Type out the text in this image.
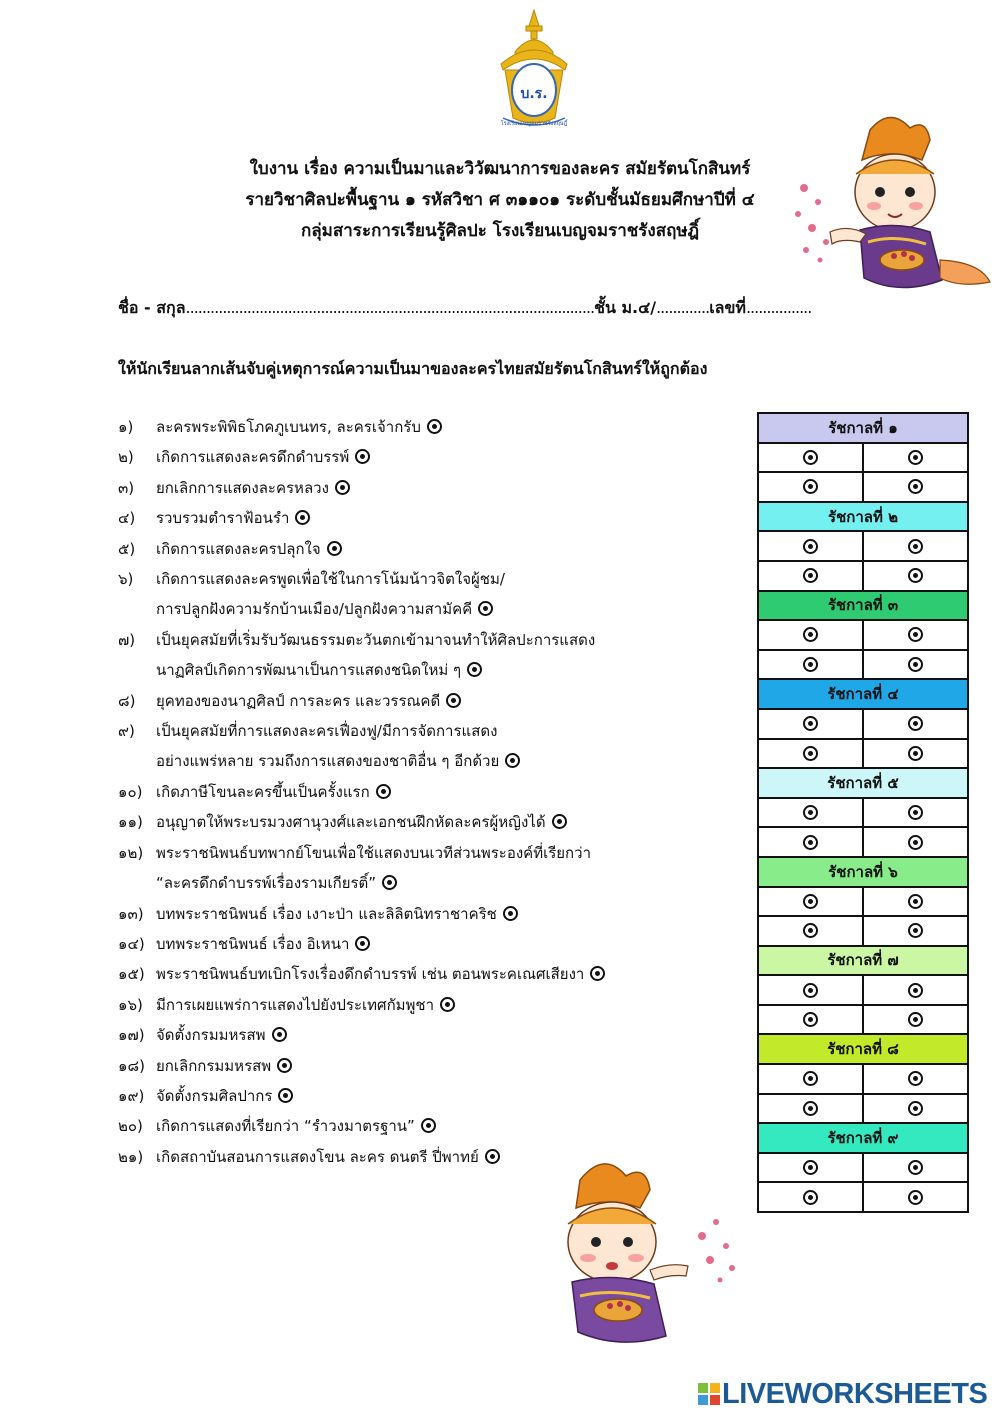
บ.ร.
โรงเรียนเบญจมราชรังสฤษฎิ์
ใบงาน เรื่อง ความเป็นมาและวิวัฒนาการของละคร สมัยรัตนโกสินทร์
รายวิชาศิลปะพื้นฐาน ๑ รหัสวิชา ศ ๓๑๑๐๑ ระดับชั้นมัธยมศึกษาปีที่ ๔
กลุ่มสาระการเรียนรู้ศิลปะ โรงเรียนเบญจมราชรังสฤษฎิ์
ชื่อ - สกุล....................................................................................................ชั้น ม.๔/.............เลขที่................
ให้นักเรียนลากเส้นจับคู่เหตุการณ์ความเป็นมาของละครไทยสมัยรัตนโกสินทร์ให้ถูกต้อง
๑)	ละครพระพิพิธโภคภูเบนทร, ละครเจ้ากรับ
๒)	เกิดการแสดงละครดึกดำบรรพ์
๓)	ยกเลิกการแสดงละครหลวง
๔)	รวบรวมตำราฟ้อนรำ
๕)	เกิดการแสดงละครปลุกใจ
๖)	เกิดการแสดงละครพูดเพื่อใช้ในการโน้มน้าวจิตใจผู้ชม/
การปลูกฝังความรักบ้านเมือง/ปลูกฝังความสามัคคี
๗)	เป็นยุคสมัยที่เริ่มรับวัฒนธรรมตะวันตกเข้ามาจนทำให้ศิลปะการแสดง
นาฏศิลป์เกิดการพัฒนาเป็นการแสดงชนิดใหม่ ๆ
๘)	ยุคทองของนาฏศิลป์ การละคร และวรรณคดี
๙)	เป็นยุคสมัยที่การแสดงละครเฟื่องฟู/มีการจัดการแสดง
อย่างแพร่หลาย รวมถึงการแสดงของชาติอื่น ๆ อีกด้วย
๑๐) เกิดภาษีโขนละครขึ้นเป็นครั้งแรก
๑๑) อนุญาตให้พระบรมวงศานุวงศ์และเอกชนฝึกหัดละครผู้หญิงได้
๑๒) พระราชนิพนธ์บทพากย์โขนเพื่อใช้แสดงบนเวทีส่วนพระองค์ที่เรียกว่า
“ละครดึกดำบรรพ์เรื่องรามเกียรติ์”
๑๓) บทพระราชนิพนธ์ เรื่อง เงาะป่า และลิลิตนิทราชาคริช
๑๔) บทพระราชนิพนธ์ เรื่อง อิเหนา
๑๕) พระราชนิพนธ์บทเบิกโรงเรื่องดึกดำบรรพ์ เช่น ตอนพระคเณศเสียงา
๑๖) มีการเผยแพร่การแสดงไปยังประเทศกัมพูชา
๑๗) จัดตั้งกรมมหรสพ
๑๘) ยกเลิกกรมมหรสพ
๑๙) จัดตั้งกรมศิลปากร
๒๐) เกิดการแสดงที่เรียกว่า “รำวงมาตรฐาน”
๒๑) เกิดสถาบันสอนการแสดงโขน ละคร ดนตรี ปี่พาทย์
รัชกาลที่ ๑	

รัชกาลที่ ๒	

รัชกาลที่ ๓	

รัชกาลที่ ๔	

รัชกาลที่ ๕	

รัชกาลที่ ๖	

รัชกาลที่ ๗	

รัชกาลที่ ๘	

รัชกาลที่ ๙	

LIVEWORKSHEETS
